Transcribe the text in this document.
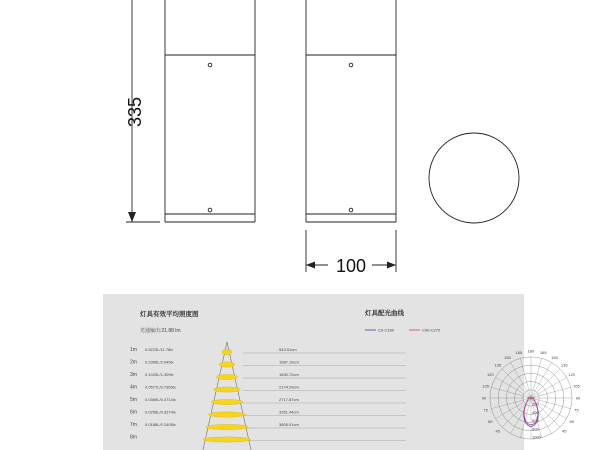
335
100
灯具有效平均照度图
光通输出:21.88 lm
1m 0.9223L/11.78lx	543.51cm
2m 0.2306L/2.945lx	1087.19cm
3m 0.1025L/1.309lx	1630.72cm
4m 0.0577L/0.7365lx	2174.29cm
5m 0.0369L/0.4714lx	2717.87cm
6m 0.0256L/0.3274lx	3261.44cm
7m 0.0188L/0.2405lx	3805.01cm
8m
灯具配光曲线
C0-C180	C90-C270
180 165
165
150
150
135
135
120
120
105
105
90
90
75
75
60
60
45
45
200
400
600
800
1000
